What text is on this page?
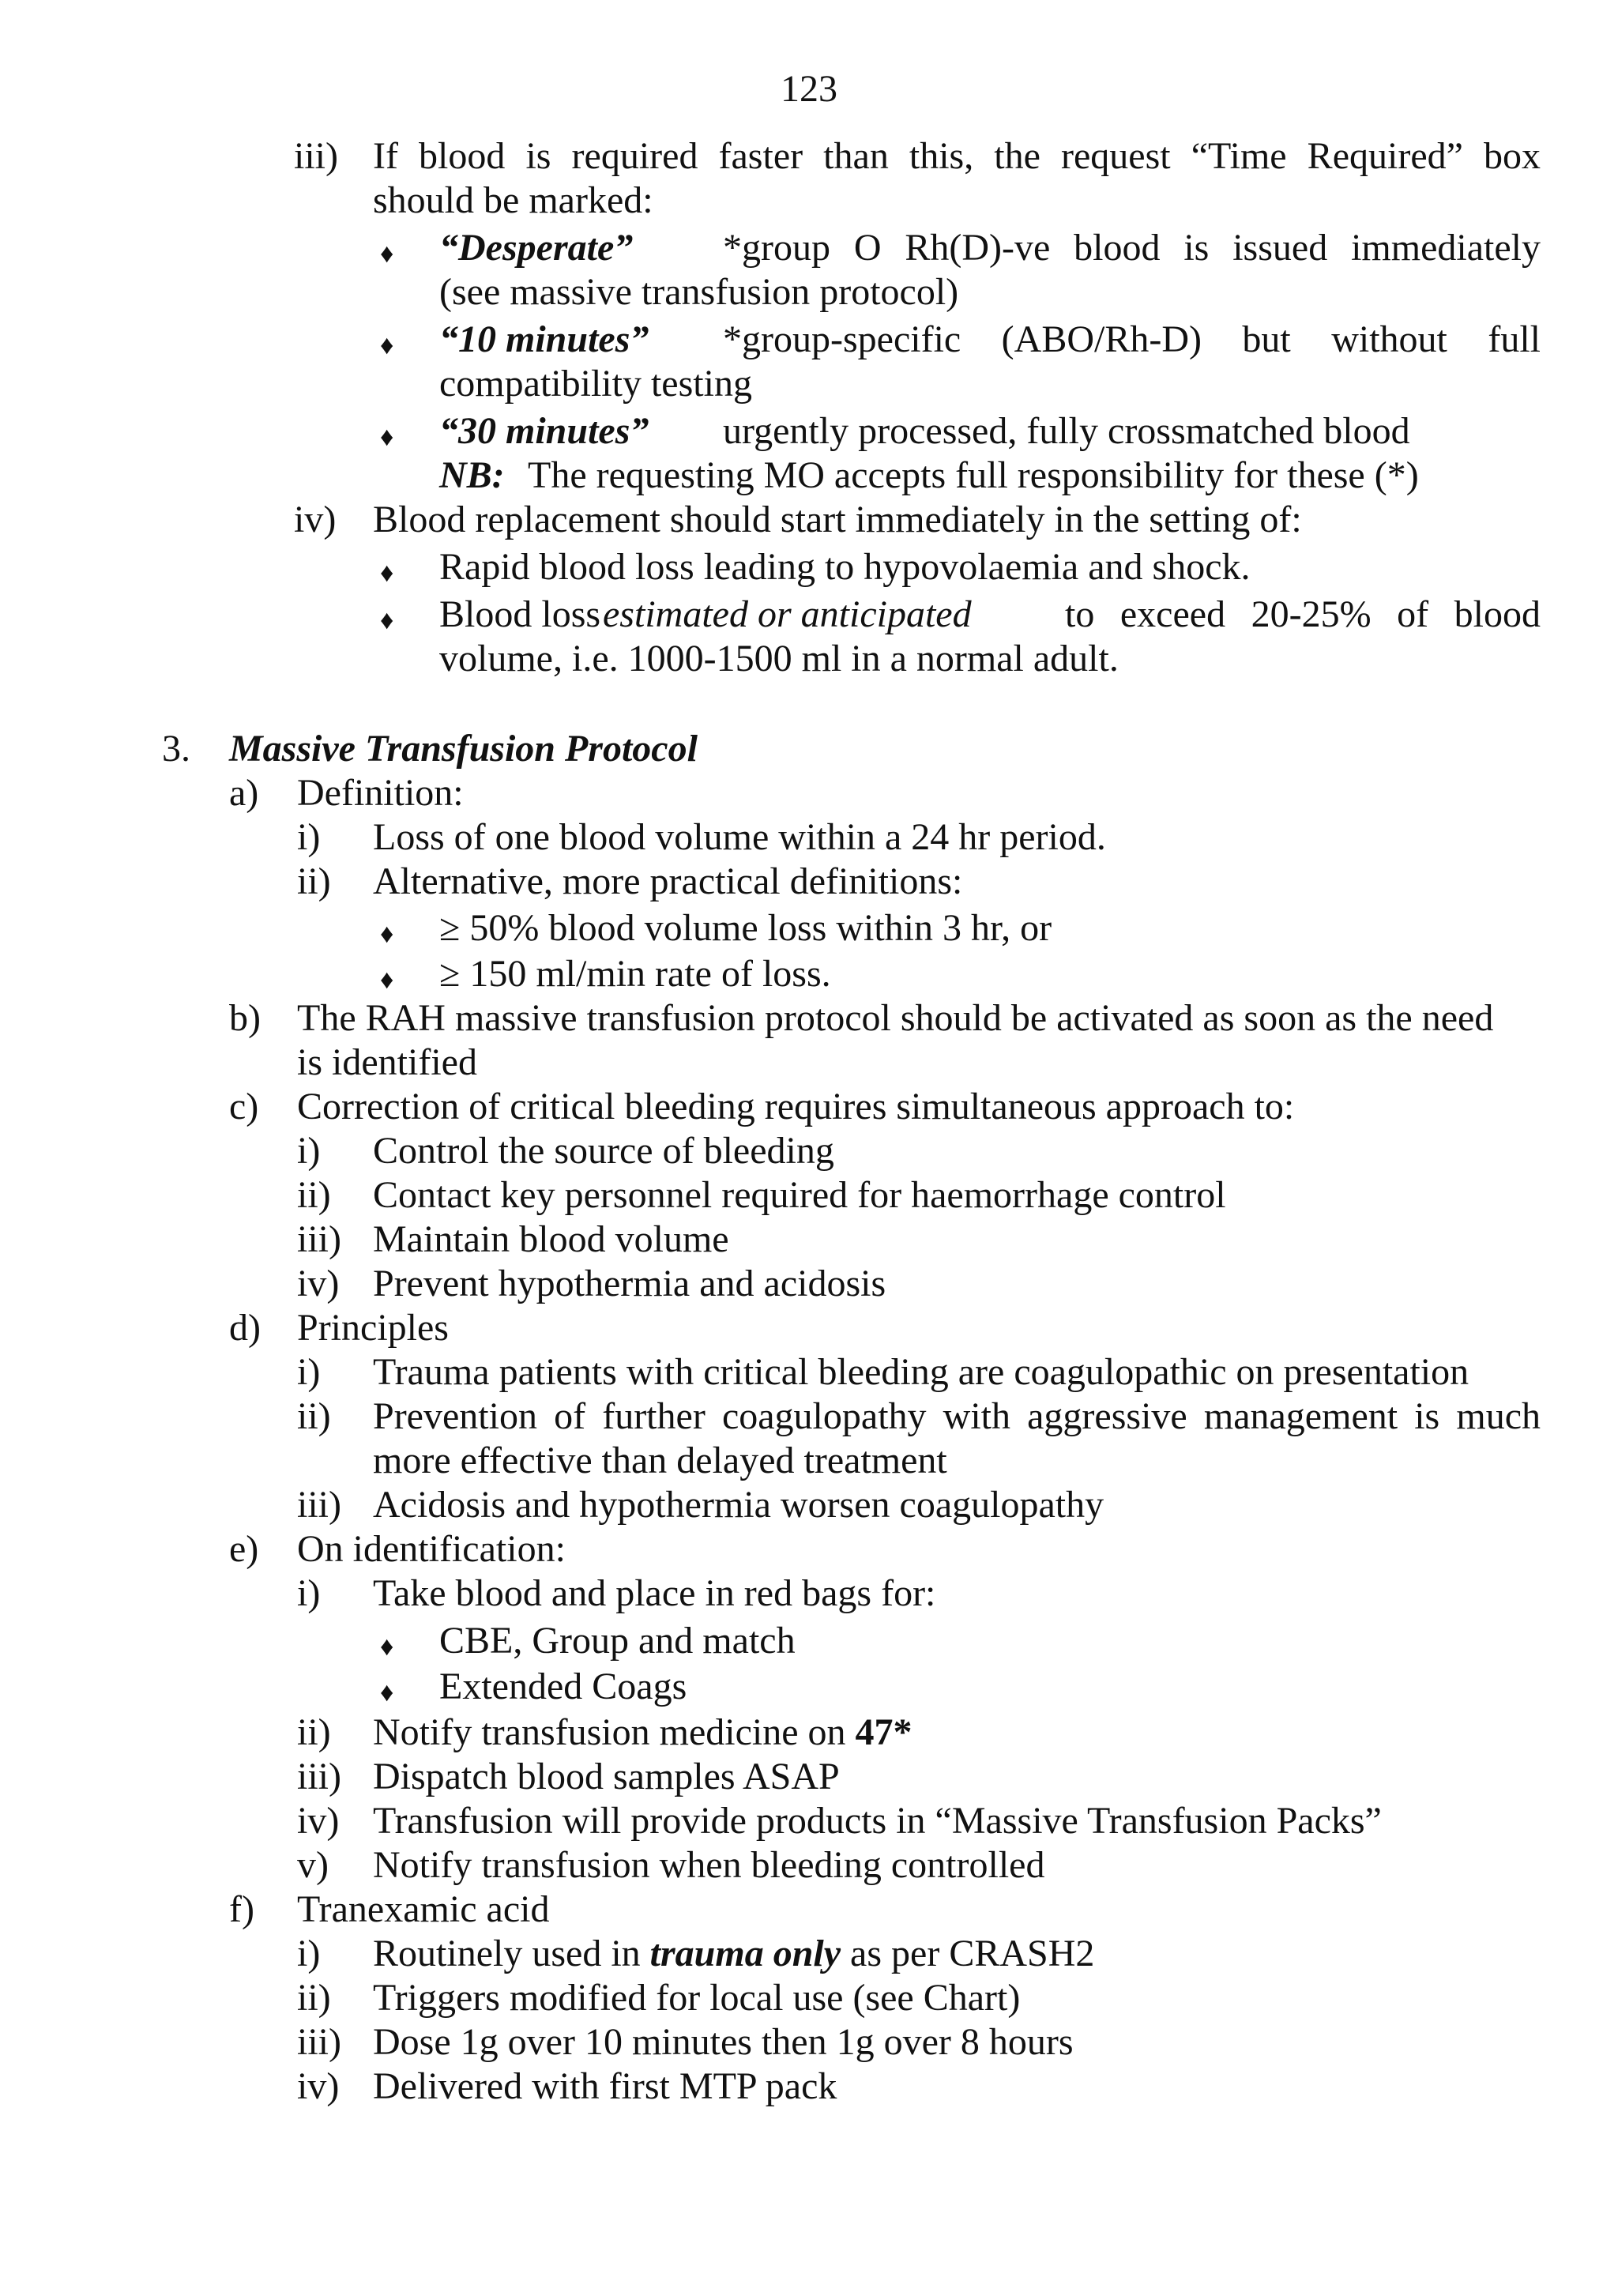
123
iii) If blood is required faster than this, the request “Time Required” box
should be marked:
♦ “Desperate” *group O Rh(D)-ve blood is issued immediately
(see massive transfusion protocol)
♦ “10 minutes” *group-specific (ABO/Rh-D) but without full
compatibility testing
♦ “30 minutes” urgently processed, fully crossmatched blood
NB: The requesting MO accepts full responsibility for these (*)
iv) Blood replacement should start immediately in the setting of:
♦ Rapid blood loss leading to hypovolaemia and shock.
♦ Blood loss estimated or anticipated to exceed 20-25% of blood
volume, i.e. 1000-1500 ml in a normal adult.
3. Massive Transfusion Protocol
a) Definition:
i) Loss of one blood volume within a 24 hr period.
ii) Alternative, more practical definitions:
♦ ≥ 50% blood volume loss within 3 hr, or
♦ ≥ 150 ml/min rate of loss.
b) The RAH massive transfusion protocol should be activated as soon as the need
is identified
c) Correction of critical bleeding requires simultaneous approach to:
i) Control the source of bleeding
ii) Contact key personnel required for haemorrhage control
iii) Maintain blood volume
iv) Prevent hypothermia and acidosis
d) Principles
i) Trauma patients with critical bleeding are coagulopathic on presentation
ii) Prevention of further coagulopathy with aggressive management is much
more effective than delayed treatment
iii) Acidosis and hypothermia worsen coagulopathy
e) On identification:
i) Take blood and place in red bags for:
♦ CBE, Group and match
♦ Extended Coags
ii) Notify transfusion medicine on 47*
iii) Dispatch blood samples ASAP
iv) Transfusion will provide products in “Massive Transfusion Packs”
v) Notify transfusion when bleeding controlled
f) Tranexamic acid
i) Routinely used in trauma only as per CRASH2
ii) Triggers modified for local use (see Chart)
iii) Dose 1g over 10 minutes then 1g over 8 hours
iv) Delivered with first MTP pack
